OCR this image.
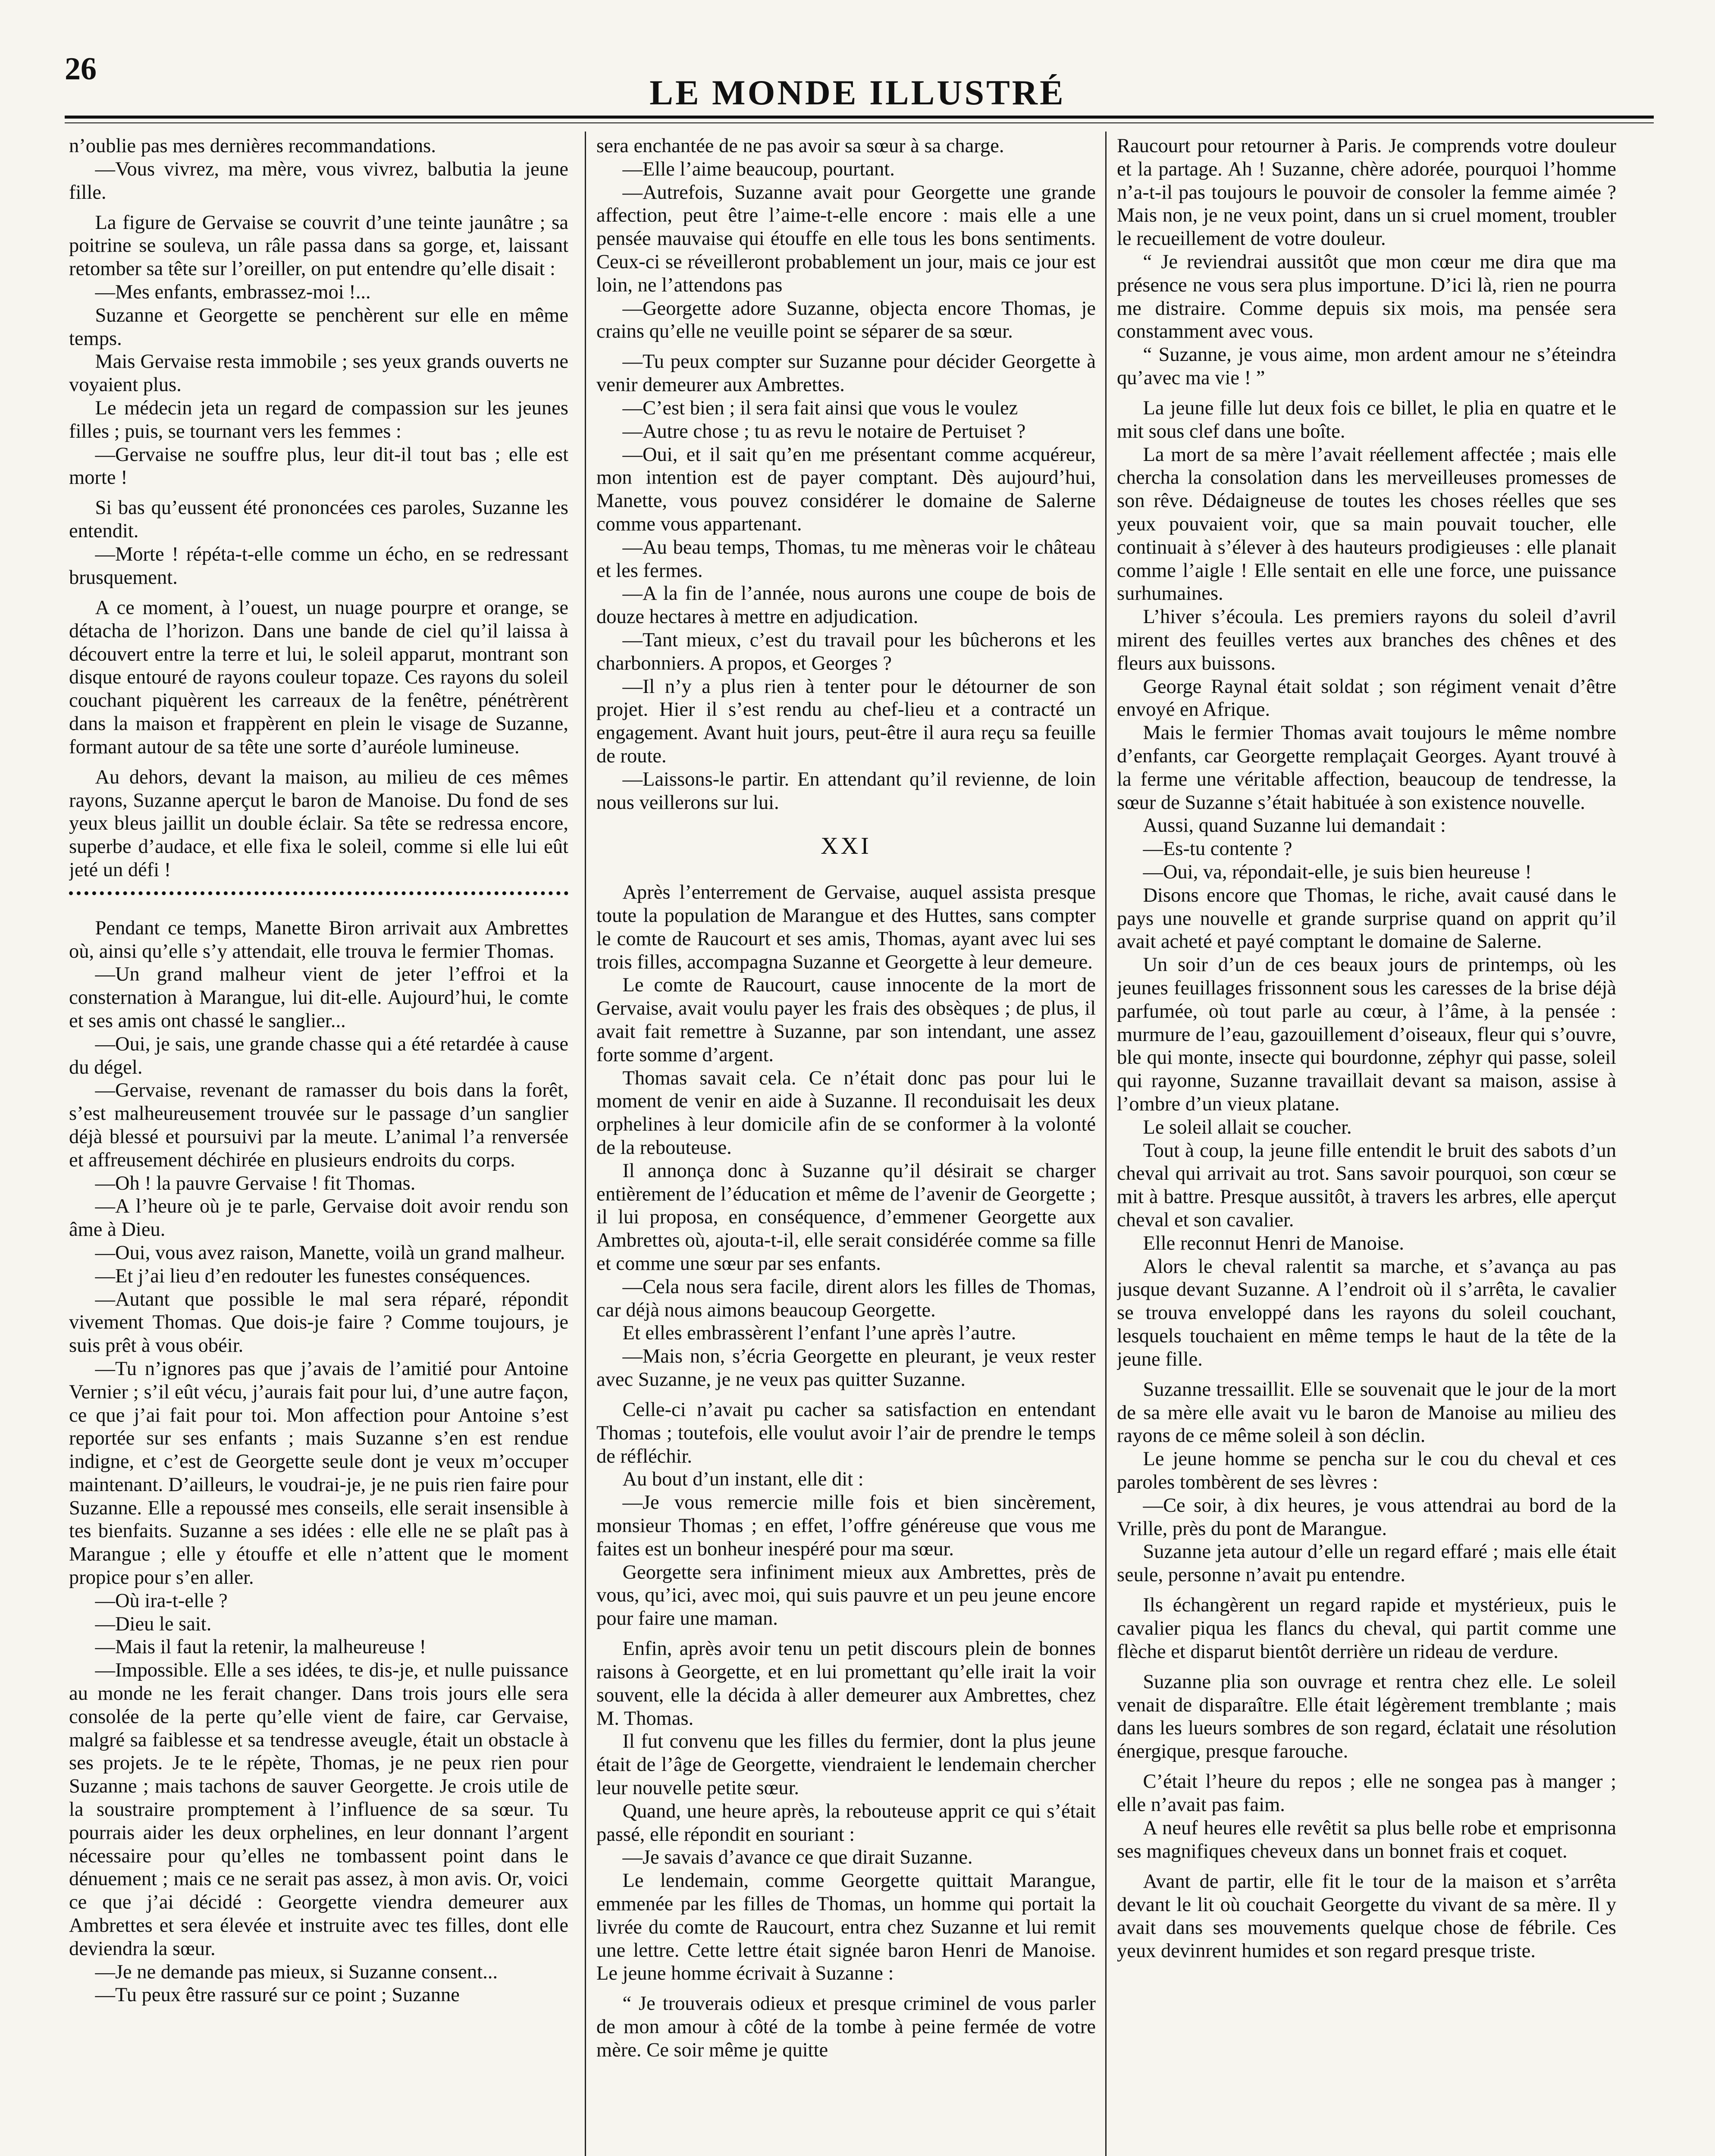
26
LE MONDE ILLUSTRÉ

n’oublie pas mes dernières recommandations.

—Vous vivrez, ma mère, vous vivrez, balbutia la jeune fille.

La figure de Gervaise se couvrit d’une teinte jaunâtre ; sa poitrine se souleva, un râle passa dans sa gorge, et, laissant retomber sa tête sur l’oreiller, on put entendre qu’elle disait :

—Mes enfants, embrassez-moi !...

Suzanne et Georgette se penchèrent sur elle en même temps.

Mais Gervaise resta immobile ; ses yeux grands ouverts ne voyaient plus.

Le médecin jeta un regard de compassion sur les jeunes filles ; puis, se tournant vers les femmes :

—Gervaise ne souffre plus, leur dit-il tout bas ; elle est morte !

Si bas qu’eussent été prononcées ces paroles, Suzanne les entendit.

—Morte ! répéta-t-elle comme un écho, en se redressant brusquement.

A ce moment, à l’ouest, un nuage pourpre et orange, se détacha de l’horizon. Dans une bande de ciel qu’il laissa à découvert entre la terre et lui, le soleil apparut, montrant son disque entouré de rayons couleur topaze. Ces rayons du soleil couchant piquèrent les carreaux de la fenêtre, pénétrèrent dans la maison et frappèrent en plein le visage de Suzanne, formant autour de sa tête une sorte d’auréole lumineuse.

Au dehors, devant la maison, au milieu de ces mêmes rayons, Suzanne aperçut le baron de Manoise. Du fond de ses yeux bleus jaillit un double éclair. Sa tête se redressa encore, superbe d’audace, et elle fixa le soleil, comme si elle lui eût jeté un défi !

Pendant ce temps, Manette Biron arrivait aux Ambrettes où, ainsi qu’elle s’y attendait, elle trouva le fermier Thomas.

—Un grand malheur vient de jeter l’effroi et la consternation à Marangue, lui dit-elle. Aujourd’hui, le comte et ses amis ont chassé le sanglier...

—Oui, je sais, une grande chasse qui a été retardée à cause du dégel.

—Gervaise, revenant de ramasser du bois dans la forêt, s’est malheureusement trouvée sur le passage d’un sanglier déjà blessé et poursuivi par la meute. L’animal l’a renversée et affreusement déchirée en plusieurs endroits du corps.

—Oh ! la pauvre Gervaise ! fit Thomas.

—A l’heure où je te parle, Gervaise doit avoir rendu son âme à Dieu.

—Oui, vous avez raison, Manette, voilà un grand malheur.

—Et j’ai lieu d’en redouter les funestes conséquences.

—Autant que possible le mal sera réparé, répondit vivement Thomas. Que dois-je faire ? Comme toujours, je suis prêt à vous obéir.

—Tu n’ignores pas que j’avais de l’amitié pour Antoine Vernier ; s’il eût vécu, j’aurais fait pour lui, d’une autre façon, ce que j’ai fait pour toi. Mon affection pour Antoine s’est reportée sur ses enfants ; mais Suzanne s’en est rendue indigne, et c’est de Georgette seule dont je veux m’occuper maintenant. D’ailleurs, le voudrai-je, je ne puis rien faire pour Suzanne. Elle a repoussé mes conseils, elle serait insensible à tes bienfaits. Suzanne a ses idées : elle elle ne se plaît pas à Marangue ; elle y étouffe et elle n’attent que le moment propice pour s’en aller.

—Où ira-t-elle ?

—Dieu le sait.

—Mais il faut la retenir, la malheureuse !

—Impossible. Elle a ses idées, te dis-je, et nulle puissance au monde ne les ferait changer. Dans trois jours elle sera consolée de la perte qu’elle vient de faire, car Gervaise, malgré sa faiblesse et sa tendresse aveugle, était un obstacle à ses projets. Je te le répète, Thomas, je ne peux rien pour Suzanne ; mais tachons de sauver Georgette. Je crois utile de la soustraire promptement à l’influence de sa sœur. Tu pourrais aider les deux orphelines, en leur donnant l’argent nécessaire pour qu’elles ne tombassent point dans le dénuement ; mais ce ne serait pas assez, à mon avis. Or, voici ce que j’ai décidé : Georgette viendra demeurer aux Ambrettes et sera élevée et instruite avec tes filles, dont elle deviendra la sœur.

—Je ne demande pas mieux, si Suzanne consent...

—Tu peux être rassuré sur ce point ; Suzanne

sera enchantée de ne pas avoir sa sœur à sa charge.

—Elle l’aime beaucoup, pourtant.

—Autrefois, Suzanne avait pour Georgette une grande affection, peut être l’aime-t-elle encore : mais elle a une pensée mauvaise qui étouffe en elle tous les bons sentiments. Ceux-ci se réveilleront probablement un jour, mais ce jour est loin, ne l’attendons pas

—Georgette adore Suzanne, objecta encore Thomas, je crains qu’elle ne veuille point se séparer de sa sœur.

—Tu peux compter sur Suzanne pour décider Georgette à venir demeurer aux Ambrettes.

—C’est bien ; il sera fait ainsi que vous le voulez

—Autre chose ; tu as revu le notaire de Pertuiset ?

—Oui, et il sait qu’en me présentant comme acquéreur, mon intention est de payer comptant. Dès aujourd’hui, Manette, vous pouvez considérer le domaine de Salerne comme vous appartenant.

—Au beau temps, Thomas, tu me mèneras voir le château et les fermes.

—A la fin de l’année, nous aurons une coupe de bois de douze hectares à mettre en adjudication.

—Tant mieux, c’est du travail pour les bûcherons et les charbonniers. A propos, et Georges ?

—Il n’y a plus rien à tenter pour le détourner de son projet. Hier il s’est rendu au chef-lieu et a contracté un engagement. Avant huit jours, peut-être il aura reçu sa feuille de route.

—Laissons-le partir. En attendant qu’il revienne, de loin nous veillerons sur lui.

XXI

Après l’enterrement de Gervaise, auquel assista presque toute la population de Marangue et des Huttes, sans compter le comte de Raucourt et ses amis, Thomas, ayant avec lui ses trois filles, accompagna Suzanne et Georgette à leur demeure.

Le comte de Raucourt, cause innocente de la mort de Gervaise, avait voulu payer les frais des obsèques ; de plus, il avait fait remettre à Suzanne, par son intendant, une assez forte somme d’argent.

Thomas savait cela. Ce n’était donc pas pour lui le moment de venir en aide à Suzanne. Il reconduisait les deux orphelines à leur domicile afin de se conformer à la volonté de la rebouteuse.

Il annonça donc à Suzanne qu’il désirait se charger entièrement de l’éducation et même de l’avenir de Georgette ; il lui proposa, en conséquence, d’emmener Georgette aux Ambrettes où, ajouta-t-il, elle serait considérée comme sa fille et comme une sœur par ses enfants.

—Cela nous sera facile, dirent alors les filles de Thomas, car déjà nous aimons beaucoup Georgette.

Et elles embrassèrent l’enfant l’une après l’autre.

—Mais non, s’écria Georgette en pleurant, je veux rester avec Suzanne, je ne veux pas quitter Suzanne.

Celle-ci n’avait pu cacher sa satisfaction en entendant Thomas ; toutefois, elle voulut avoir l’air de prendre le temps de réfléchir.

Au bout d’un instant, elle dit :

—Je vous remercie mille fois et bien sincèrement, monsieur Thomas ; en effet, l’offre généreuse que vous me faites est un bonheur inespéré pour ma sœur.

Georgette sera infiniment mieux aux Ambrettes, près de vous, qu’ici, avec moi, qui suis pauvre et un peu jeune encore pour faire une maman.

Enfin, après avoir tenu un petit discours plein de bonnes raisons à Georgette, et en lui promettant qu’elle irait la voir souvent, elle la décida à aller demeurer aux Ambrettes, chez M. Thomas.

Il fut convenu que les filles du fermier, dont la plus jeune était de l’âge de Georgette, viendraient le lendemain chercher leur nouvelle petite sœur.

Quand, une heure après, la rebouteuse apprit ce qui s’était passé, elle répondit en souriant :

—Je savais d’avance ce que dirait Suzanne.

Le lendemain, comme Georgette quittait Marangue, emmenée par les filles de Thomas, un homme qui portait la livrée du comte de Raucourt, entra chez Suzanne et lui remit une lettre. Cette lettre était signée baron Henri de Manoise. Le jeune homme écrivait à Suzanne :

“ Je trouverais odieux et presque criminel de vous parler de mon amour à côté de la tombe à peine fermée de votre mère. Ce soir même je quitte

Raucourt pour retourner à Paris. Je comprends votre douleur et la partage. Ah ! Suzanne, chère adorée, pourquoi l’homme n’a-t-il pas toujours le pouvoir de consoler la femme aimée ? Mais non, je ne veux point, dans un si cruel moment, troubler le recueillement de votre douleur.

“ Je reviendrai aussitôt que mon cœur me dira que ma présence ne vous sera plus importune. D’ici là, rien ne pourra me distraire. Comme depuis six mois, ma pensée sera constamment avec vous.

“ Suzanne, je vous aime, mon ardent amour ne s’éteindra qu’avec ma vie ! ”

La jeune fille lut deux fois ce billet, le plia en quatre et le mit sous clef dans une boîte.

La mort de sa mère l’avait réellement affectée ; mais elle chercha la consolation dans les merveilleuses promesses de son rêve. Dédaigneuse de toutes les choses réelles que ses yeux pouvaient voir, que sa main pouvait toucher, elle continuait à s’élever à des hauteurs prodigieuses : elle planait comme l’aigle ! Elle sentait en elle une force, une puissance surhumaines.

L’hiver s’écoula. Les premiers rayons du soleil d’avril mirent des feuilles vertes aux branches des chênes et des fleurs aux buissons.

George Raynal était soldat ; son régiment venait d’être envoyé en Afrique.

Mais le fermier Thomas avait toujours le même nombre d’enfants, car Georgette remplaçait Georges. Ayant trouvé à la ferme une véritable affection, beaucoup de tendresse, la sœur de Suzanne s’était habituée à son existence nouvelle.

Aussi, quand Suzanne lui demandait :

—Es-tu contente ?

—Oui, va, répondait-elle, je suis bien heureuse !

Disons encore que Thomas, le riche, avait causé dans le pays une nouvelle et grande surprise quand on apprit qu’il avait acheté et payé comptant le domaine de Salerne.

Un soir d’un de ces beaux jours de printemps, où les jeunes feuillages frissonnent sous les caresses de la brise déjà parfumée, où tout parle au cœur, à l’âme, à la pensée : murmure de l’eau, gazouillement d’oiseaux, fleur qui s’ouvre, ble qui monte, insecte qui bourdonne, zéphyr qui passe, soleil qui rayonne, Suzanne travaillait devant sa maison, assise à l’ombre d’un vieux platane.

Le soleil allait se coucher.

Tout à coup, la jeune fille entendit le bruit des sabots d’un cheval qui arrivait au trot. Sans savoir pourquoi, son cœur se mit à battre. Presque aussitôt, à travers les arbres, elle aperçut cheval et son cavalier.

Elle reconnut Henri de Manoise.

Alors le cheval ralentit sa marche, et s’avança au pas jusque devant Suzanne. A l’endroit où il s’arrêta, le cavalier se trouva enveloppé dans les rayons du soleil couchant, lesquels touchaient en même temps le haut de la tête de la jeune fille.

Suzanne tressaillit. Elle se souvenait que le jour de la mort de sa mère elle avait vu le baron de Manoise au milieu des rayons de ce même soleil à son déclin.

Le jeune homme se pencha sur le cou du cheval et ces paroles tombèrent de ses lèvres :

—Ce soir, à dix heures, je vous attendrai au bord de la Vrille, près du pont de Marangue.

Suzanne jeta autour d’elle un regard effaré ; mais elle était seule, personne n’avait pu entendre.

Ils échangèrent un regard rapide et mystérieux, puis le cavalier piqua les flancs du cheval, qui partit comme une flèche et disparut bientôt derrière un rideau de verdure.

Suzanne plia son ouvrage et rentra chez elle. Le soleil venait de disparaître. Elle était légèrement tremblante ; mais dans les lueurs sombres de son regard, éclatait une résolution énergique, presque farouche.

C’était l’heure du repos ; elle ne songea pas à manger ; elle n’avait pas faim.

A neuf heures elle revêtit sa plus belle robe et emprisonna ses magnifiques cheveux dans un bonnet frais et coquet.

Avant de partir, elle fit le tour de la maison et s’arrêta devant le lit où couchait Georgette du vivant de sa mère. Il y avait dans ses mouvements quelque chose de fébrile. Ces yeux devinrent humides et son regard presque triste.
